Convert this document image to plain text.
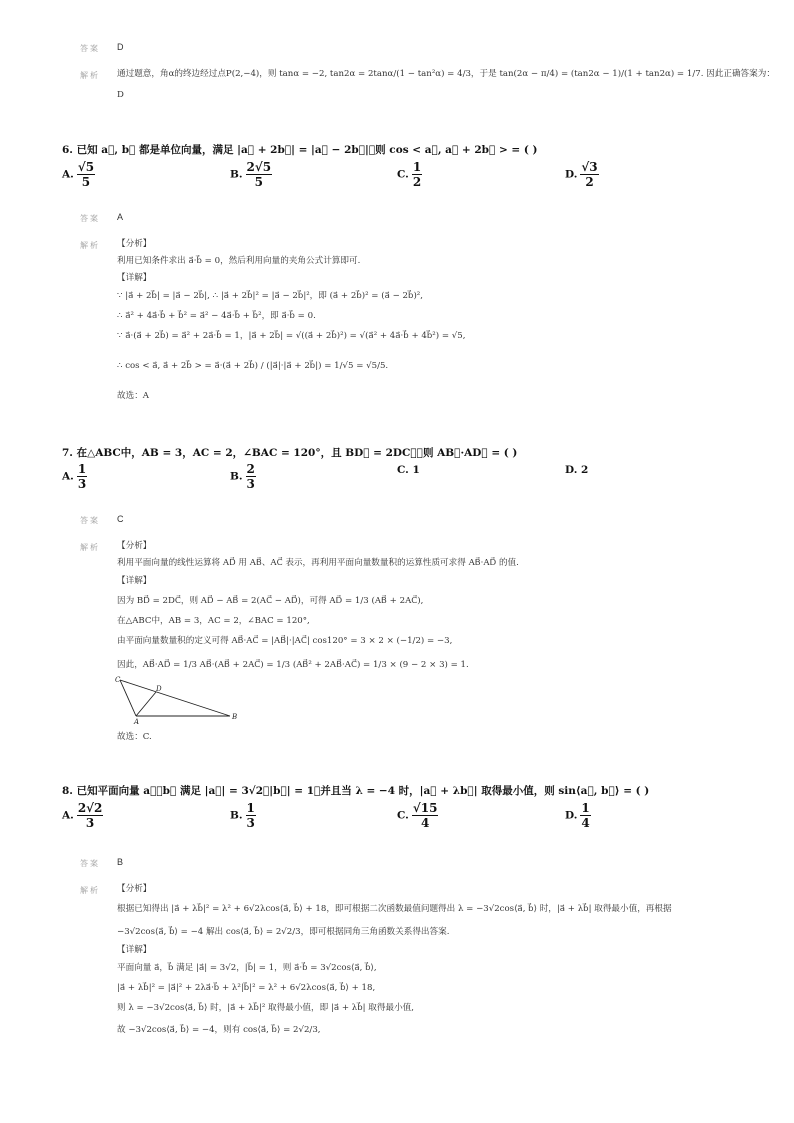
答案 D
解析 通过题意，角α的终边经过点P(2,−4)，则 tanα = −2, tan2α = 2tanα/(1 − tan²α) = 4/3，于是 tan(2α − π/4) = (tan2α − 1)/(1 + tan2α) = 1/7. 因此正确答案为：
D
6. 已知 a⃗, b⃗ 都是单位向量，满足 |a⃗ + 2b⃗| = |a⃗ − 2b⃗|，则 cos < a⃗, a⃗ + 2b⃗ > = ( )
A. $\frac{√5}{5}$	B. $\frac{2√5}{5}$	C. $\frac{1}{2}$	D. $\frac{√3}{2}$
答案 A
解析 【分析】
利用已知条件求出 a⃗·b⃗ = 0，然后利用向量的夹角公式计算即可.
【详解】
∵ |a⃗ + 2b⃗| = |a⃗ − 2b⃗|, ∴ |a⃗ + 2b⃗|² = |a⃗ − 2b⃗|²，即 (a⃗ + 2b⃗)² = (a⃗ − 2b⃗)²,
∴ a⃗² + 4a⃗·b⃗ + b⃗² = a⃗² − 4a⃗·b⃗ + b⃗²，即 a⃗·b⃗ = 0.
∵ a⃗·(a⃗ + 2b⃗) = a⃗² + 2a⃗·b⃗ = 1，|a⃗ + 2b⃗| = √((a⃗ + 2b⃗)²) = √(a⃗² + 4a⃗·b⃗ + 4b⃗²) = √5,
∴ cos < a⃗, a⃗ + 2b⃗ > = a⃗·(a⃗ + 2b⃗) / (|a⃗|·|a⃗ + 2b⃗|) = 1/√5 = √5/5.
故选：A
7. 在△ABC中，AB = 3，AC = 2，∠BAC = 120°，且 BD⃗ = 2DC⃗，则 AB⃗·AD⃗ = ( )
A. $\frac{1}{3}$	B. $\frac{2}{3}$	C. 1	D. 2
答案 C
解析 【分析】
利用平面向量的线性运算将 AD⃗ 用 AB⃗、AC⃗ 表示，再利用平面向量数量积的运算性质可求得 AB⃗·AD⃗ 的值.
【详解】
因为 BD⃗ = 2DC⃗，则 AD⃗ − AB⃗ = 2(AC⃗ − AD⃗)，可得 AD⃗ = 1/3 (AB⃗ + 2AC⃗),
在△ABC中，AB = 3，AC = 2，∠BAC = 120°,
由平面向量数量积的定义可得 AB⃗·AC⃗ = |AB⃗|·|AC⃗| cos120° = 3 × 2 × (−1/2) = −3,
因此，AB⃗·AD⃗ = 1/3 AB⃗·(AB⃗ + 2AC⃗) = 1/3 (AB⃗² + 2AB⃗·AC⃗) = 1/3 × (9 − 2 × 3) = 1.
C
D
A
B
故选：C.
8. 已知平面向量 a⃗，b⃗ 满足 |a⃗| = 3√2，|b⃗| = 1，并且当 λ = −4 时，|a⃗ + λb⃗| 取得最小值，则 sin⟨a⃗, b⃗⟩ = ( )
A. $\frac{2√2}{3}$	B. $\frac{1}{3}$	C. $\frac{√15}{4}$	D. $\frac{1}{4}$
答案 B
解析 【分析】
根据已知得出 |a⃗ + λb⃗|² = λ² + 6√2λcos⟨a⃗, b⃗⟩ + 18，即可根据二次函数最值问题得出 λ = −3√2cos⟨a⃗, b⃗⟩ 时，|a⃗ + λb⃗| 取得最小值，再根据
−3√2cos⟨a⃗, b⃗⟩ = −4 解出 cos⟨a⃗, b⃗⟩ = 2√2/3，即可根据同角三角函数关系得出答案.
【详解】
平面向量 a⃗，b⃗ 满足 |a⃗| = 3√2，|b⃗| = 1，则 a⃗·b⃗ = 3√2cos⟨a⃗, b⃗⟩,
|a⃗ + λb⃗|² = |a⃗|² + 2λa⃗·b⃗ + λ²|b⃗|² = λ² + 6√2λcos⟨a⃗, b⃗⟩ + 18,
则 λ = −3√2cos⟨a⃗, b⃗⟩ 时，|a⃗ + λb⃗|² 取得最小值，即 |a⃗ + λb⃗| 取得最小值,
故 −3√2cos⟨a⃗, b⃗⟩ = −4，则有 cos⟨a⃗, b⃗⟩ = 2√2/3,
